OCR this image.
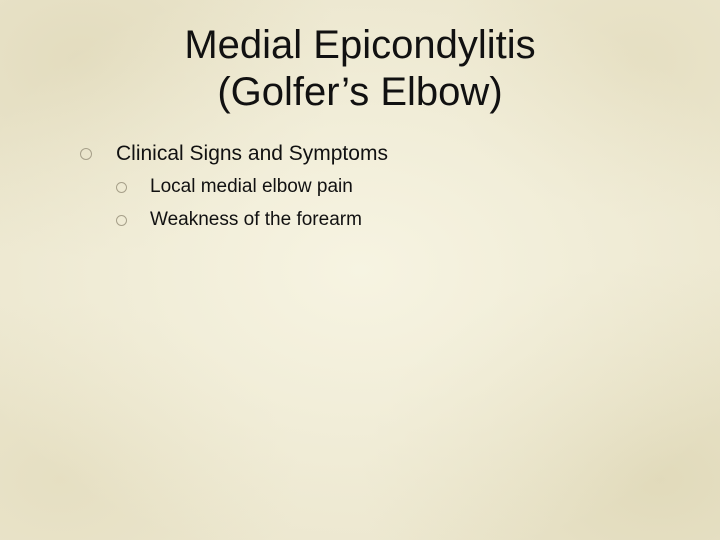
Medial Epicondylitis
(Golfer’s Elbow)
Clinical Signs and Symptoms
Local medial elbow pain
Weakness of the forearm
